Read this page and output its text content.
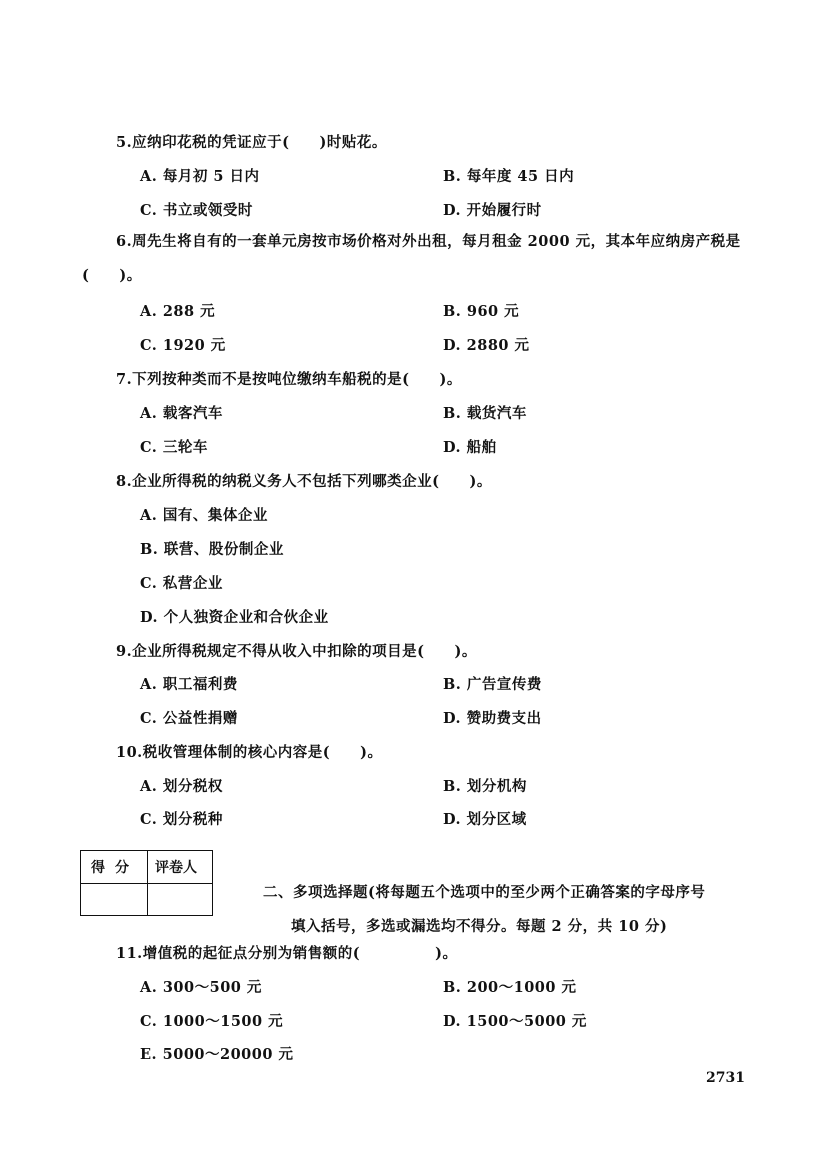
5.应纳印花税的凭证应于(　　)时贴花。
A. 每月初 5 日内	B. 每年度 45 日内
C. 书立或领受时	D. 开始履行时
6.周先生将自有的一套单元房按市场价格对外出租，每月租金 2000 元，其本年应纳房产税是(　　)。
A. 288 元	B. 960 元
C. 1920 元	D. 2880 元
7.下列按种类而不是按吨位缴纳车船税的是(　　)。
A. 载客汽车	B. 载货汽车
C. 三轮车	D. 船舶
8.企业所得税的纳税义务人不包括下列哪类企业(　　)。
A. 国有、集体企业
B. 联营、股份制企业
C. 私营企业
D. 个人独资企业和合伙企业
9.企业所得税规定不得从收入中扣除的项目是(　　)。
A. 职工福利费	B. 广告宣传费
C. 公益性捐赠	D. 赞助费支出
10.税收管理体制的核心内容是(　　)。
A. 划分税权	B. 划分机构
C. 划分税种	D. 划分区域
得分 评卷人
二、多项选择题(将每题五个选项中的至少两个正确答案的字母序号
填入括号，多选或漏选均不得分。每题 2 分，共 10 分)
11.增值税的起征点分别为销售额的(　　　　　)。
A. 300～500 元	B. 200～1000 元
C. 1000～1500 元	D. 1500～5000 元
E. 5000～20000 元
2731
